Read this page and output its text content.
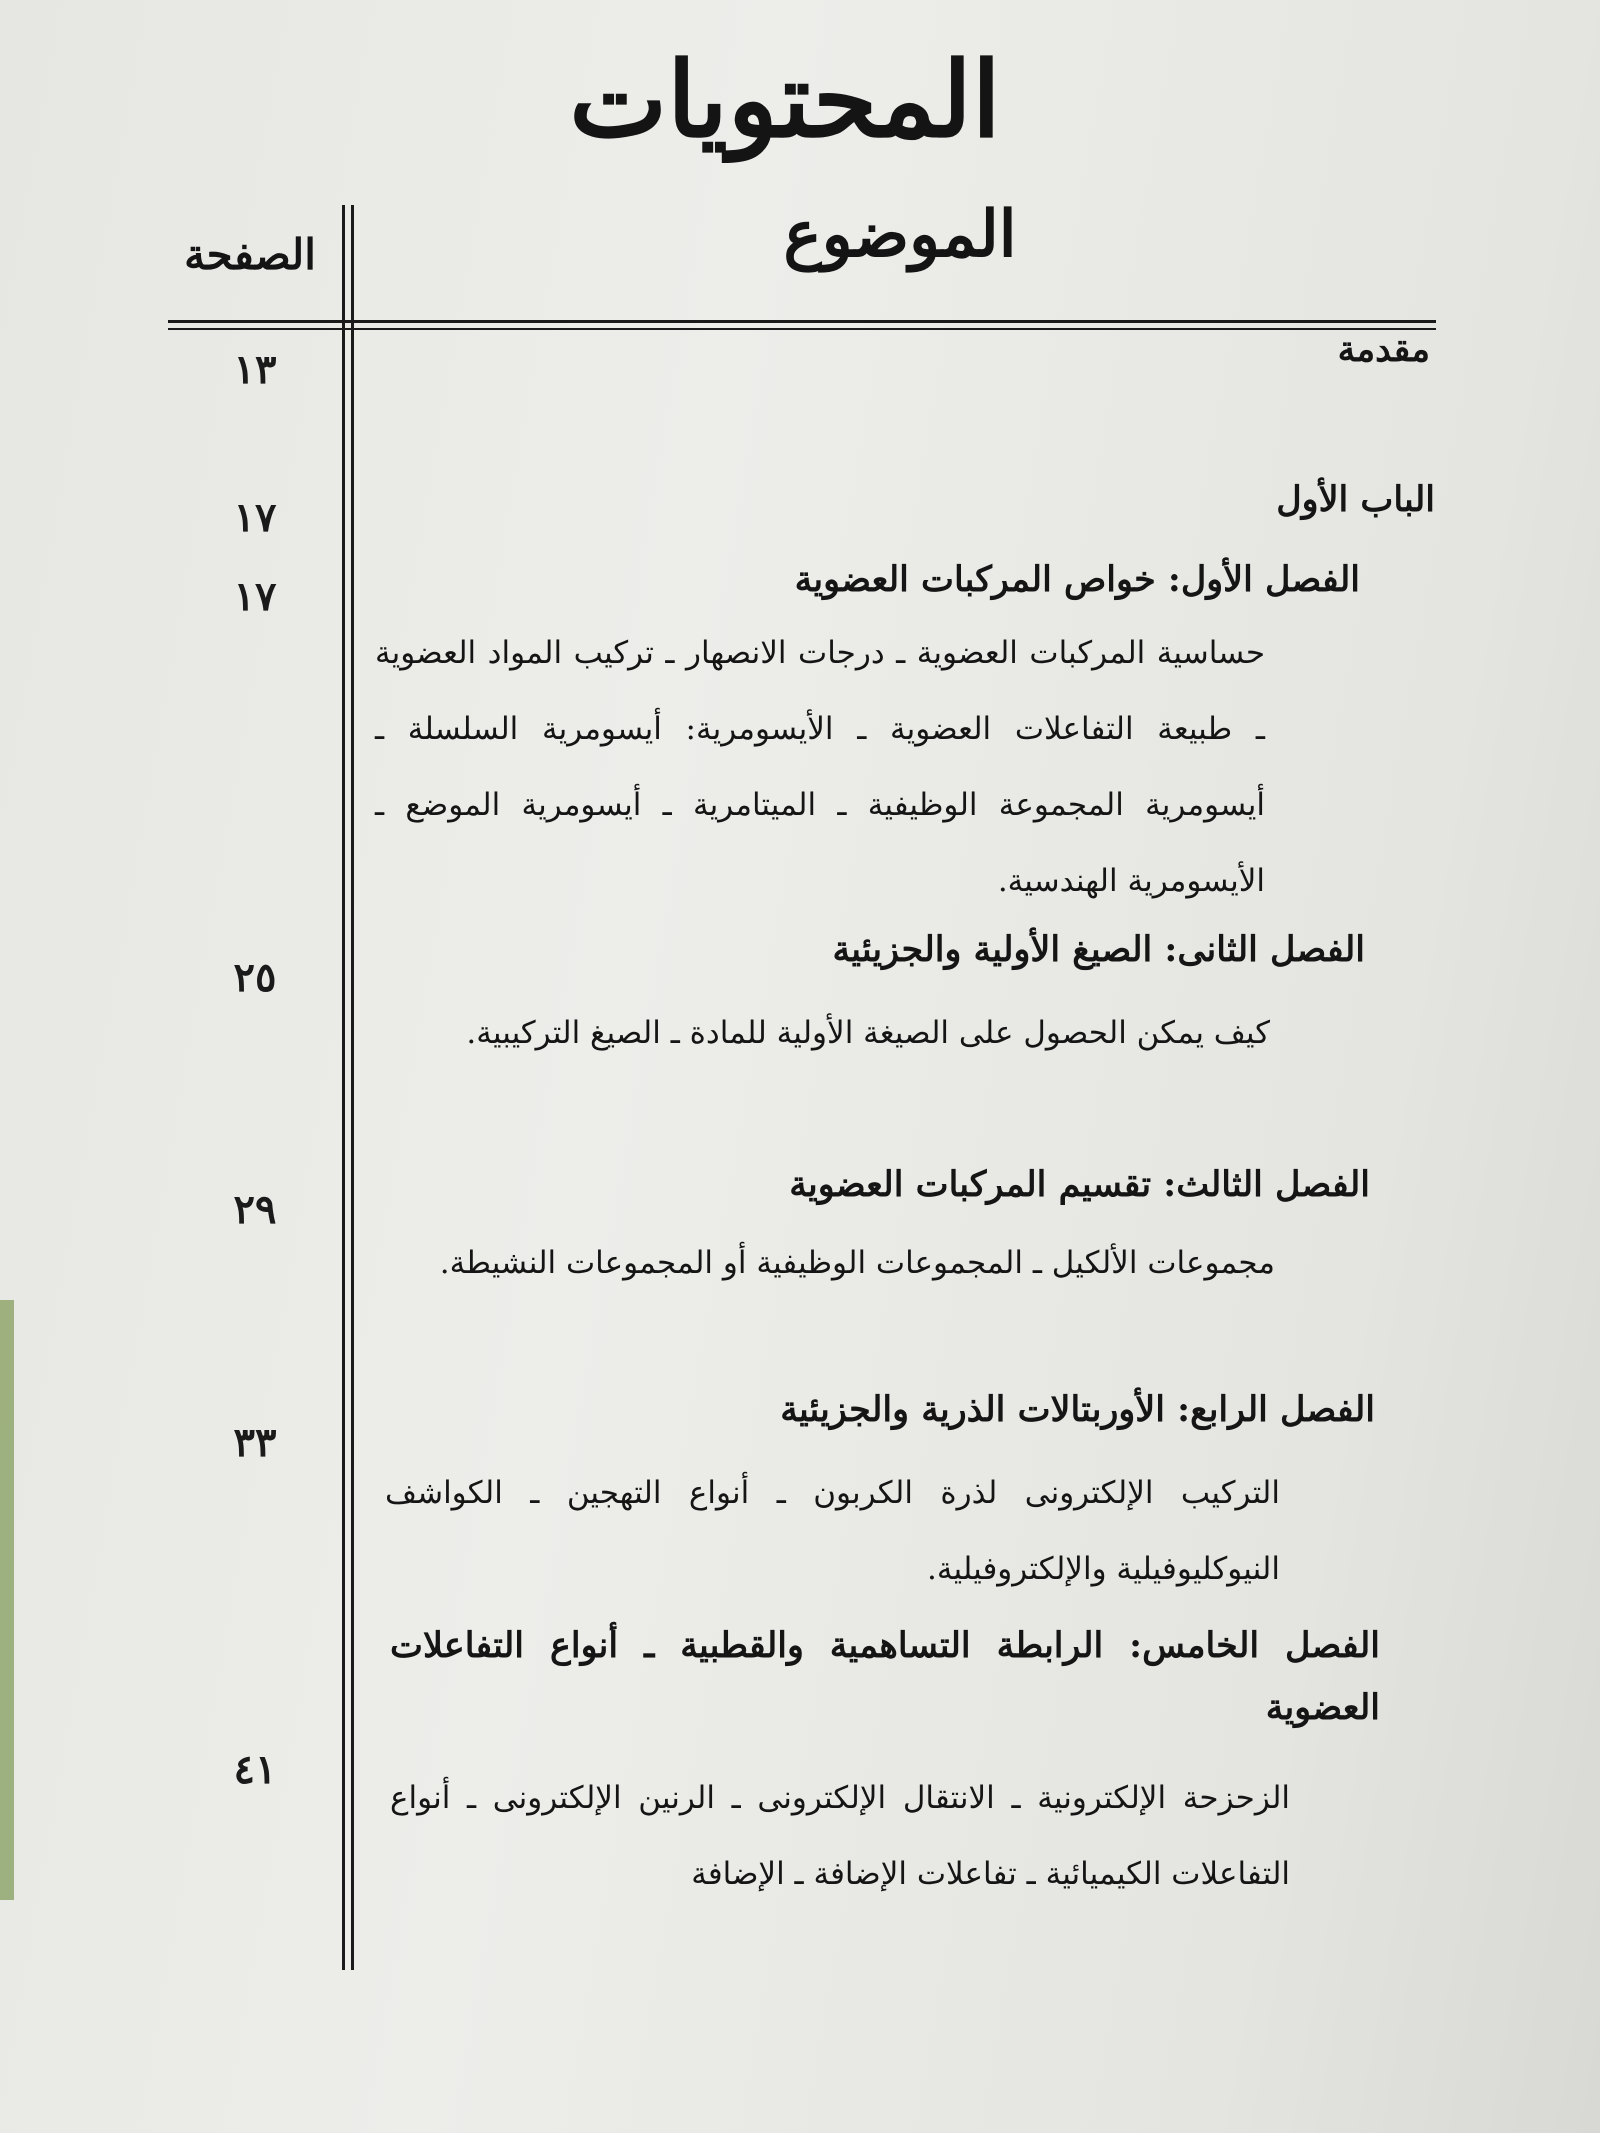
المحتويات
الموضوع
الصفحة
مقدمة
١٣
الباب الأول
١٧
الفصل الأول: خواص المركبات العضوية
١٧
حساسية المركبات العضوية ـ درجات الانصهار ـ تركيب المواد العضوية ـ طبيعة التفاعلات العضوية ـ الأيسومرية: أيسومرية السلسلة ـ أيسومرية المجموعة الوظيفية ـ الميتامرية ـ أيسومرية الموضع ـ الأيسومرية الهندسية.
الفصل الثانى: الصيغ الأولية والجزيئية
٢٥
كيف يمكن الحصول على الصيغة الأولية للمادة ـ الصيغ التركيبية.
الفصل الثالث: تقسيم المركبات العضوية
٢٩
مجموعات الألكيل ـ المجموعات الوظيفية أو المجموعات النشيطة.
الفصل الرابع: الأوربتالات الذرية والجزيئية
٣٣
التركيب الإلكترونى لذرة الكربون ـ أنواع التهجين ـ الكواشف النيوكليوفيلية والإلكتروفيلية.
الفصل الخامس: الرابطة التساهمية والقطبية ـ أنواع التفاعلات العضوية
٤١
الزحزحة الإلكترونية ـ الانتقال الإلكترونى ـ الرنين الإلكترونى ـ أنواع التفاعلات الكيميائية ـ تفاعلات الإضافة ـ الإضافة
